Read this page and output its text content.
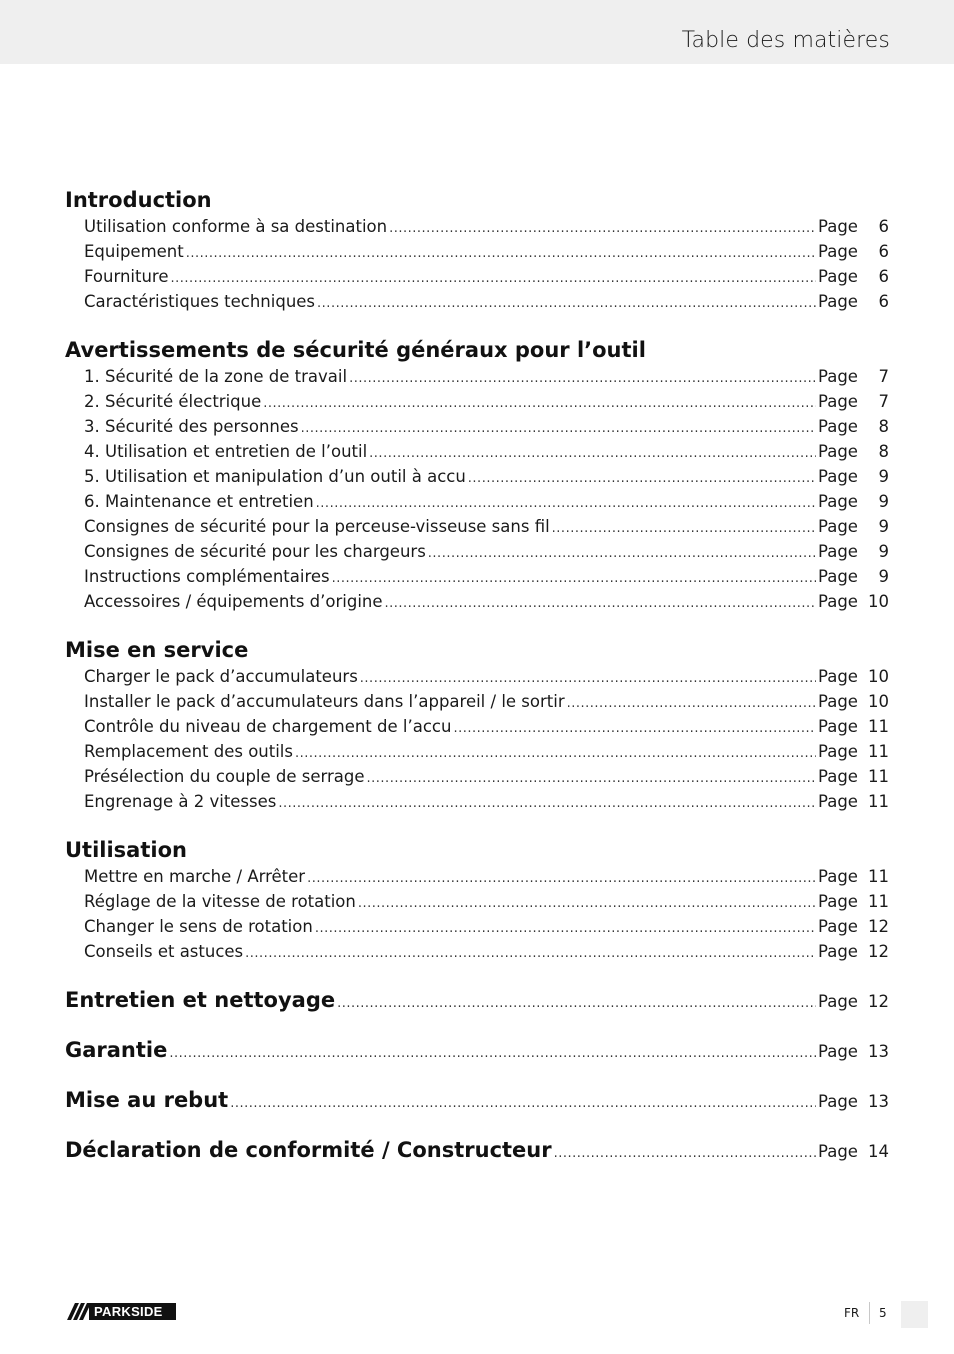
Table des matières
Introduction
Utilisation conforme à sa destination .....	Page	6
Equipement .....	Page	6
Fourniture .....	Page	6
Caractéristiques techniques .....	Page	6
Avertissements de sécurité généraux pour l’outil
1. Sécurité de la zone de travail .....	Page	7
2. Sécurité électrique .....	Page	7
3. Sécurité des personnes .....	Page	8
4. Utilisation et entretien de l’outil .....	Page	8
5. Utilisation et manipulation d’un outil à accu .....	Page	9
6. Maintenance et entretien .....	Page	9
Consignes de sécurité pour la perceuse-visseuse sans fil .....	Page	9
Consignes de sécurité pour les chargeurs .....	Page	9
Instructions complémentaires .....	Page	9
Accessoires / équipements d’origine .....	Page 10
Mise en service
Charger le pack d’accumulateurs .....	Page 10
Installer le pack d’accumulateurs dans l’appareil / le sortir .....	Page 10
Contrôle du niveau de chargement de l’accu .....	Page 11
Remplacement des outils .....	Page 11
Présélection du couple de serrage .....	Page 11
Engrenage à 2 vitesses .....	Page 11
Utilisation
Mettre en marche / Arrêter .....	Page 11
Réglage de la vitesse de rotation .....	Page 11
Changer le sens de rotation .....	Page 12
Conseils et astuces .....	Page 12
Entretien et nettoyage .....	Page 12
Garantie .....	Page 13
Mise au rebut .....	Page 13
Déclaration de conformité / Constructeur .....	Page 14
PARKSIDE	FR 5
